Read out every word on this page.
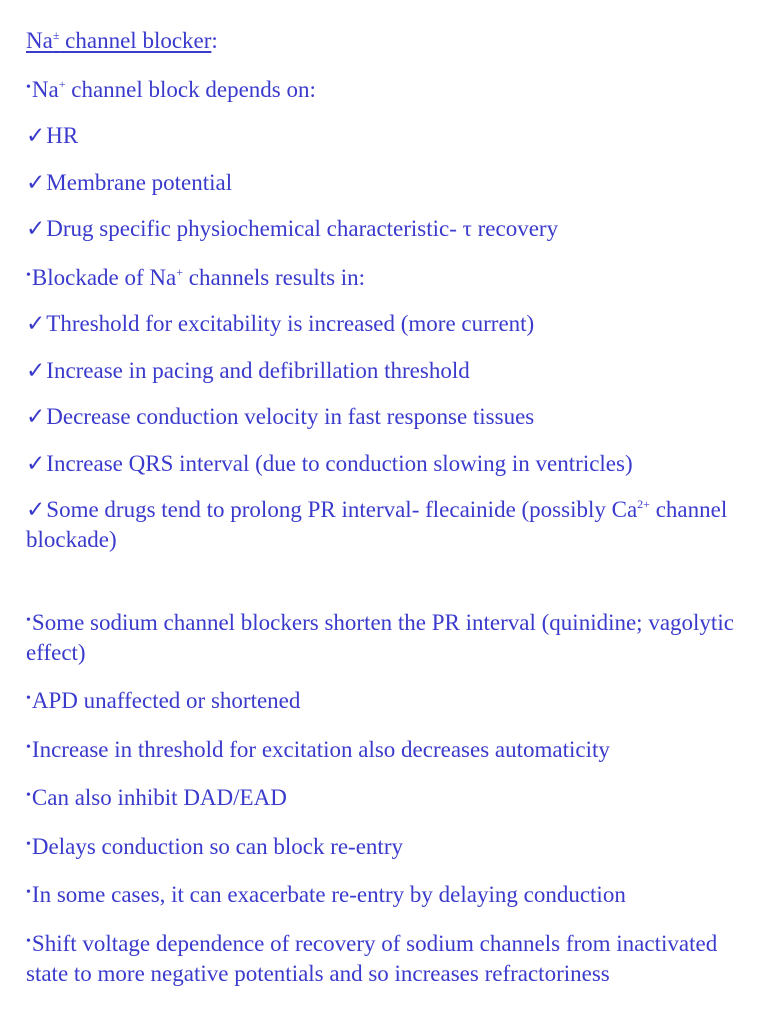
Na± channel blocker:
•Na+ channel block depends on:
✓HR
✓Membrane potential
✓Drug specific physiochemical characteristic- τ recovery
•Blockade of Na+ channels results in:
✓Threshold for excitability is increased (more current)
✓Increase in pacing and defibrillation threshold
✓Decrease conduction velocity in fast response tissues
✓Increase QRS interval (due to conduction slowing in ventricles)
✓Some drugs tend to prolong PR interval- flecainide (possibly $Ca^{2+}$ channel blockade)
•Some sodium channel blockers shorten the PR interval (quinidine; vagolytic effect)
•APD unaffected or shortened
•Increase in threshold for excitation also decreases automaticity
•Can also inhibit DAD/EAD
•Delays conduction so can block re-entry
•In some cases, it can exacerbate re-entry by delaying conduction
•Shift voltage dependence of recovery of sodium channels from inactivated state to more negative potentials and so increases refractoriness
